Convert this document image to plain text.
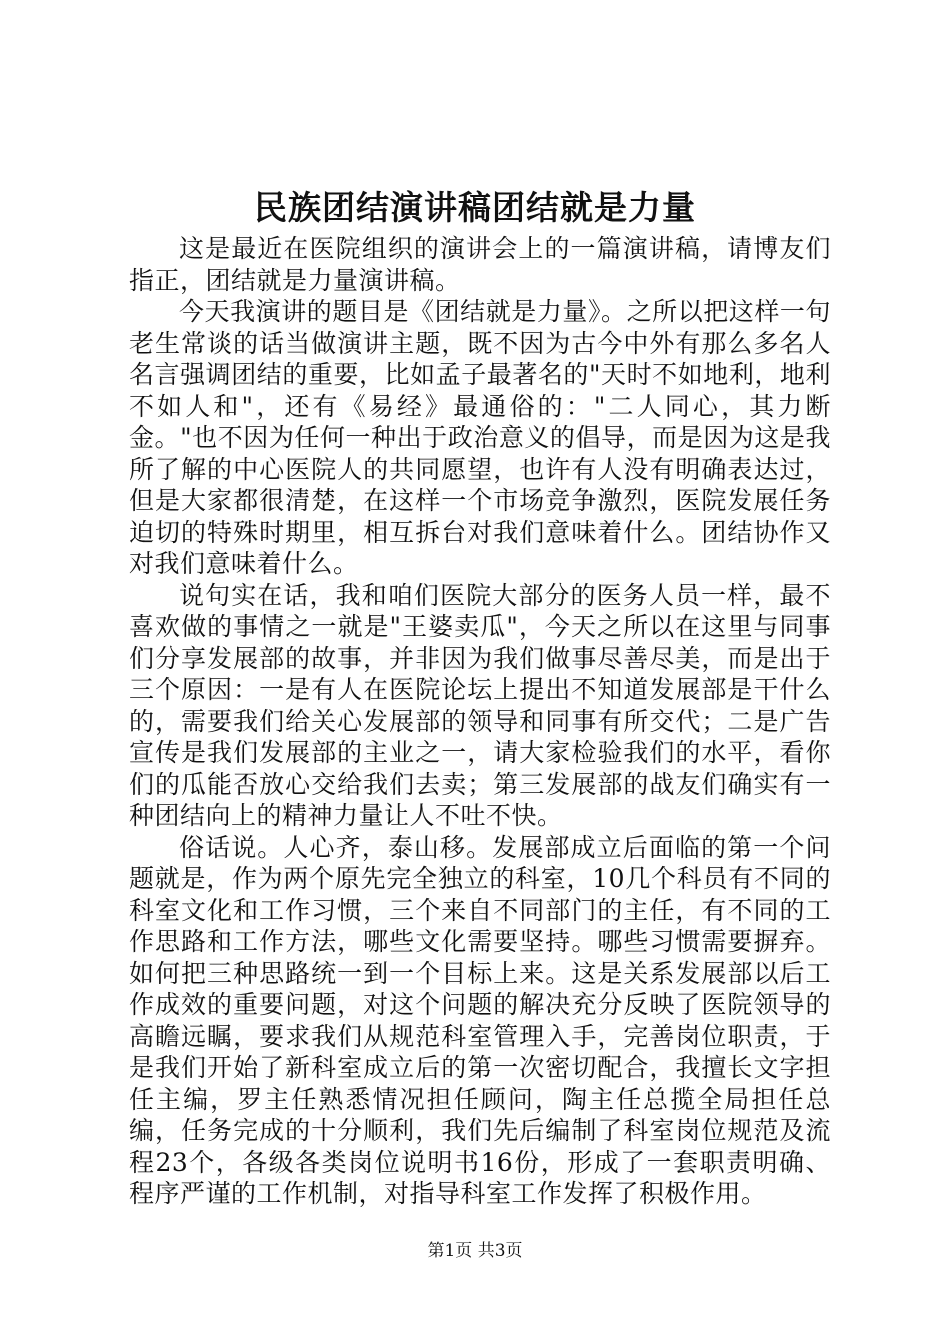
民族团结演讲稿团结就是力量

这是最近在医院组织的演讲会上的一篇演讲稿，请博友们指正，团结就是力量演讲稿。

今天我演讲的题目是《团结就是力量》。之所以把这样一句老生常谈的话当做演讲主题，既不因为古今中外有那么多名人名言强调团结的重要，比如孟子最著名的"天时不如地利，地利不如人和"，还有《易经》最通俗的："二人同心，其力断金。"也不因为任何一种出于政治意义的倡导，而是因为这是我所了解的中心医院人的共同愿望，也许有人没有明确表达过，但是大家都很清楚，在这样一个市场竞争激烈，医院发展任务迫切的特殊时期里，相互拆台对我们意味着什么。团结协作又对我们意味着什么。

说句实在话，我和咱们医院大部分的医务人员一样，最不喜欢做的事情之一就是"王婆卖瓜"，今天之所以在这里与同事们分享发展部的故事，并非因为我们做事尽善尽美，而是出于三个原因：一是有人在医院论坛上提出不知道发展部是干什么的，需要我们给关心发展部的领导和同事有所交代；二是广告宣传是我们发展部的主业之一，请大家检验我们的水平，看你们的瓜能否放心交给我们去卖；第三发展部的战友们确实有一种团结向上的精神力量让人不吐不快。

俗话说。人心齐，泰山移。发展部成立后面临的第一个问题就是，作为两个原先完全独立的科室，10几个科员有不同的科室文化和工作习惯，三个来自不同部门的主任，有不同的工作思路和工作方法，哪些文化需要坚持。哪些习惯需要摒弃。如何把三种思路统一到一个目标上来。这是关系发展部以后工作成效的重要问题，对这个问题的解决充分反映了医院领导的高瞻远瞩，要求我们从规范科室管理入手，完善岗位职责，于是我们开始了新科室成立后的第一次密切配合，我擅长文字担任主编，罗主任熟悉情况担任顾问，陶主任总揽全局担任总编，任务完成的十分顺利，我们先后编制了科室岗位规范及流程23个，各级各类岗位说明书16份，形成了一套职责明确、程序严谨的工作机制，对指导科室工作发挥了积极作用。

第1页 共3页
